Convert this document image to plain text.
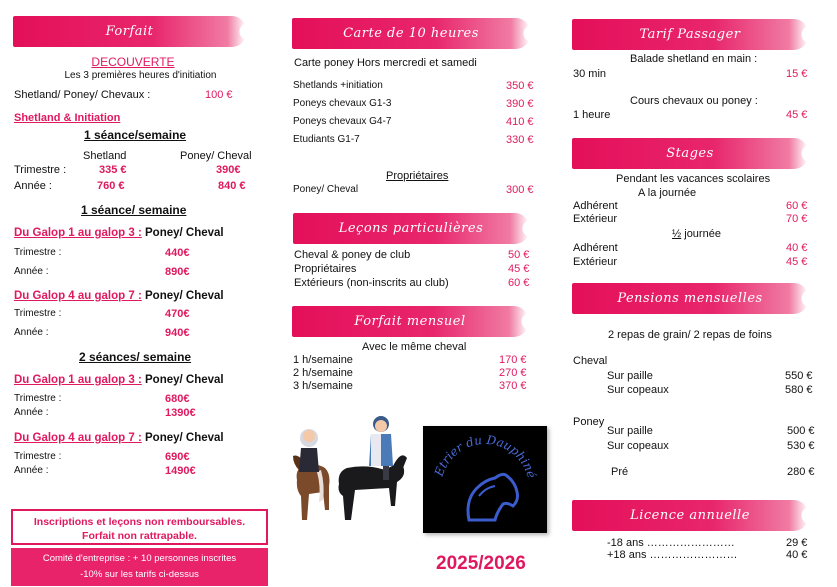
Forfait
DECOUVERTE
Les 3 premières heures d'initiation
Shetland/ Poney/ Chevaux :	100 €
Shetland & Initiation
1 séance/semaine
Shetland	Poney/ Cheval
Trimestre :	335 €	390€
Année :	760 €	840 €
1 séance/ semaine
Du Galop 1 au galop 3 : Poney/ Cheval
Trimestre :	440€
Année :	890€
Du Galop 4 au galop 7 : Poney/ Cheval
Trimestre :	470€
Année :	940€
2 séances/ semaine
Du Galop 1 au galop 3 : Poney/ Cheval
Trimestre :	680€
Année :	1390€
Du Galop 4 au galop 7 : Poney/ Cheval
Trimestre :	690€
Année :	1490€
Inscriptions et leçons non remboursables.
Forfait non rattrapable.
Comité d'entreprise : + 10 personnes inscrites
-10% sur les tarifs ci-dessus
Carte de 10 heures
Carte poney Hors mercredi et samedi
Shetlands +initiation	350 €
Poneys chevaux G1-3	390 €
Poneys chevaux G4-7	410 €
Etudiants G1-7	330 €
Propriétaires
Poney/ Cheval	300 €
Leçons particulières
Cheval & poney de club	50 €
Propriétaires	45 €
Extérieurs (non-inscrits au club)	60 €
Forfait mensuel
Avec le même cheval
1 h/semaine	170 €
2 h/semaine	270 €
3 h/semaine	370 €
Etrier du Dauphiné
2025/2026
Tarif Passager
Balade shetland en main :
30 min	15 €
Cours chevaux ou poney :
1 heure	45 €
Stages
Pendant les vacances scolaires
A la journée
Adhérent	60 €
Extérieur	70 €
½ journée
Adhérent	40 €
Extérieur	45 €
Pensions mensuelles
2 repas de grain/ 2 repas de foins
Cheval
Sur paille	550 €
Sur copeaux	580 €
Poney
Sur paille	500 €
Sur copeaux	530 €
Pré	280 €
Licence annuelle
-18 ans ……………………	29 €
+18 ans ……………………	40 €
